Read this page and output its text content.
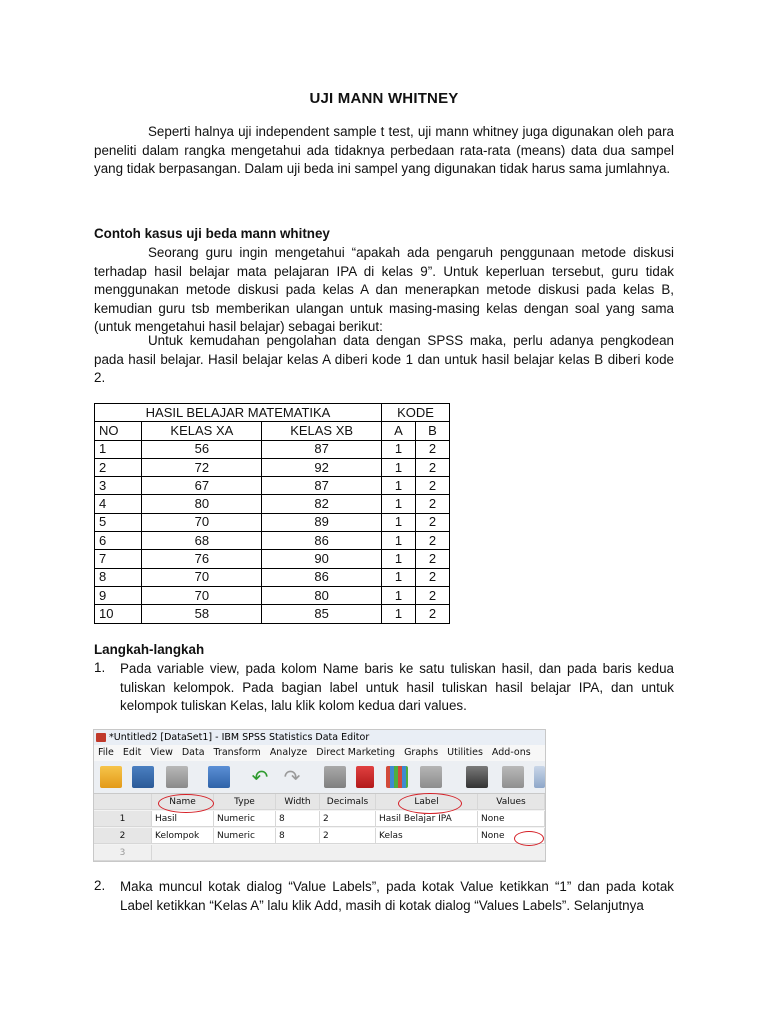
UJI MANN WHITNEY

Seperti halnya uji independent sample t test, uji mann whitney juga digunakan oleh para peneliti dalam rangka mengetahui ada tidaknya perbedaan rata-rata (means) data dua sampel yang tidak berpasangan. Dalam uji beda ini sampel yang digunakan tidak harus sama jumlahnya.

Contoh kasus uji beda mann whitney

Seorang guru ingin mengetahui “apakah ada pengaruh penggunaan metode diskusi terhadap hasil belajar mata pelajaran IPA di kelas 9”. Untuk keperluan tersebut, guru tidak menggunakan metode diskusi pada kelas A dan menerapkan metode diskusi pada kelas B, kemudian guru tsb memberikan ulangan untuk masing-masing kelas dengan soal yang sama (untuk mengetahui hasil belajar) sebagai berikut:

Untuk kemudahan pengolahan data dengan SPSS maka, perlu adanya pengkodean pada hasil belajar. Hasil belajar kelas A diberi kode 1 dan untuk hasil belajar kelas B diberi kode 2.

HASIL BELAJAR MATEMATIKA			KODE	
NO	KELAS XA	KELAS XB	A	B
1	56	87	1	2
2	72	92	1	2
3	67	87	1	2
4	80	82	1	2
5	70	89	1	2
6	68	86	1	2
7	76	90	1	2
8	70	86	1	2
9	70	80	1	2
10	58	85	1	2

Langkah-langkah

1. Pada variable view, pada kolom Name baris ke satu tuliskan hasil, dan pada baris kedua tuliskan kelompok. Pada bagian label untuk hasil tuliskan hasil belajar IPA, dan untuk kelompok tuliskan Kelas, lalu klik kolom kedua dari values.

*Untitled2 [DataSet1] - IBM SPSS Statistics Data Editor
File Edit View Data Transform Analyze Direct Marketing Graphs Utilities Add-ons
↶ ↷
Name	Type	Width	Decimals	Label	Values
1	Hasil	Numeric	8	2	Hasil Belajar IPA	None
2	Kelompok	Numeric	8	2	Kelas	None
3
2. Maka muncul kotak dialog “Value Labels”, pada kotak Value ketikkan “1” dan pada kotak Label ketikkan “Kelas A” lalu klik Add, masih di kotak dialog “Values Labels”. Selanjutnya
